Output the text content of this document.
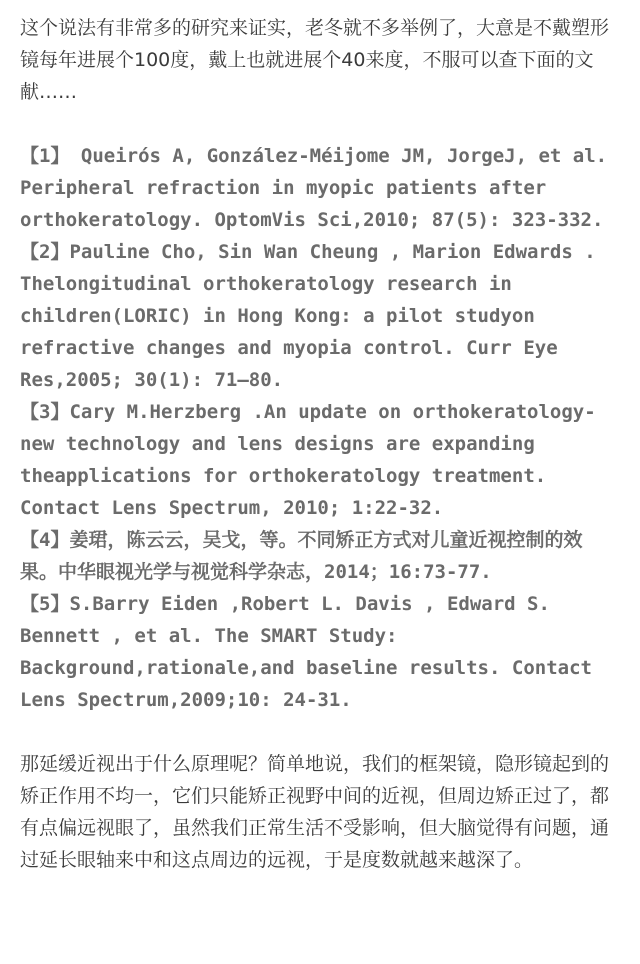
这个说法有非常多的研究来证实，老冬就不多举例了，大意是不戴塑形镜每年进展个100度，戴上也就进展个40来度，不服可以查下面的文献……

【1】 Queirós A, González-Méijome JM, JorgeJ, et al. Peripheral refraction in myopic patients after orthokeratology. OptomVis Sci,2010; 87(5): 323-332.

【2】Pauline Cho, Sin Wan Cheung , Marion Edwards . Thelongitudinal orthokeratology research in children(LORIC) in Hong Kong: a pilot studyon refractive changes and myopia control. Curr Eye Res,2005; 30(1): 71—80.

【3】Cary M.Herzberg .An update on orthokeratology-new technology and lens designs are expanding theapplications for orthokeratology treatment. Contact Lens Spectrum, 2010; 1:22-32.

【4】姜珺，陈云云，吴戈，等。不同矫正方式对儿童近视控制的效果。中华眼视光学与视觉科学杂志，2014；16:73-77.

【5】S.Barry Eiden ,Robert L. Davis , Edward S. Bennett , et al. The SMART Study: Background,rationale,and baseline results. Contact Lens Spectrum,2009;10: 24-31.

那延缓近视出于什么原理呢？简单地说，我们的框架镜，隐形镜起到的矫正作用不均一，它们只能矫正视野中间的近视，但周边矫正过了，都有点偏远视眼了，虽然我们正常生活不受影响，但大脑觉得有问题，通过延长眼轴来中和这点周边的远视，于是度数就越来越深了。
